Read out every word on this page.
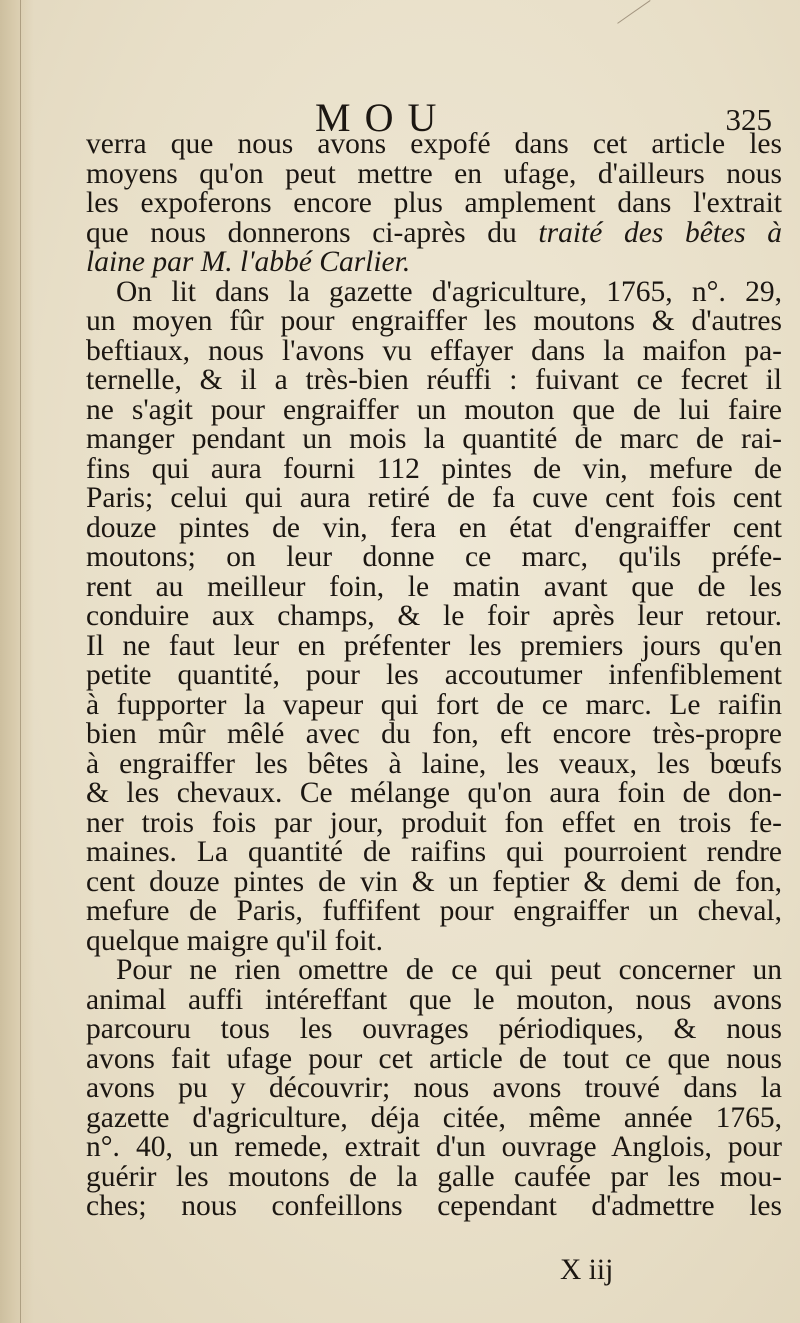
MOU	325
verra que nous avons expofé dans cet article les
moyens qu'on peut mettre en ufage, d'ailleurs nous
les expoferons encore plus amplement dans l'extrait
que nous donnerons ci-après du traité des bêtes à
laine par M. l'abbé Carlier.
On lit dans la gazette d'agriculture, 1765, n°. 29,
un moyen fûr pour engraiffer les moutons & d'autres
beftiaux, nous l'avons vu effayer dans la maifon pa-
ternelle, & il a très-bien réuffi : fuivant ce fecret il
ne s'agit pour engraiffer un mouton que de lui faire
manger pendant un mois la quantité de marc de rai-
fins qui aura fourni 112 pintes de vin, mefure de
Paris; celui qui aura retiré de fa cuve cent fois cent
douze pintes de vin, fera en état d'engraiffer cent
moutons; on leur donne ce marc, qu'ils préfe-
rent au meilleur foin, le matin avant que de les
conduire aux champs, & le foir après leur retour.
Il ne faut leur en préfenter les premiers jours qu'en
petite quantité, pour les accoutumer infenfiblement
à fupporter la vapeur qui fort de ce marc. Le raifin
bien mûr mêlé avec du fon, eft encore très-propre
à engraiffer les bêtes à laine, les veaux, les bœufs
& les chevaux. Ce mélange qu'on aura foin de don-
ner trois fois par jour, produit fon effet en trois fe-
maines. La quantité de raifins qui pourroient rendre
cent douze pintes de vin & un feptier & demi de fon,
mefure de Paris, fuffifent pour engraiffer un cheval,
quelque maigre qu'il foit.
Pour ne rien omettre de ce qui peut concerner un
animal auffi intéreffant que le mouton, nous avons
parcouru tous les ouvrages périodiques, & nous
avons fait ufage pour cet article de tout ce que nous
avons pu y découvrir; nous avons trouvé dans la
gazette d'agriculture, déja citée, même année 1765,
n°. 40, un remede, extrait d'un ouvrage Anglois, pour
guérir les moutons de la galle caufée par les mou-
ches; nous confeillons cependant d'admettre les
X iij
